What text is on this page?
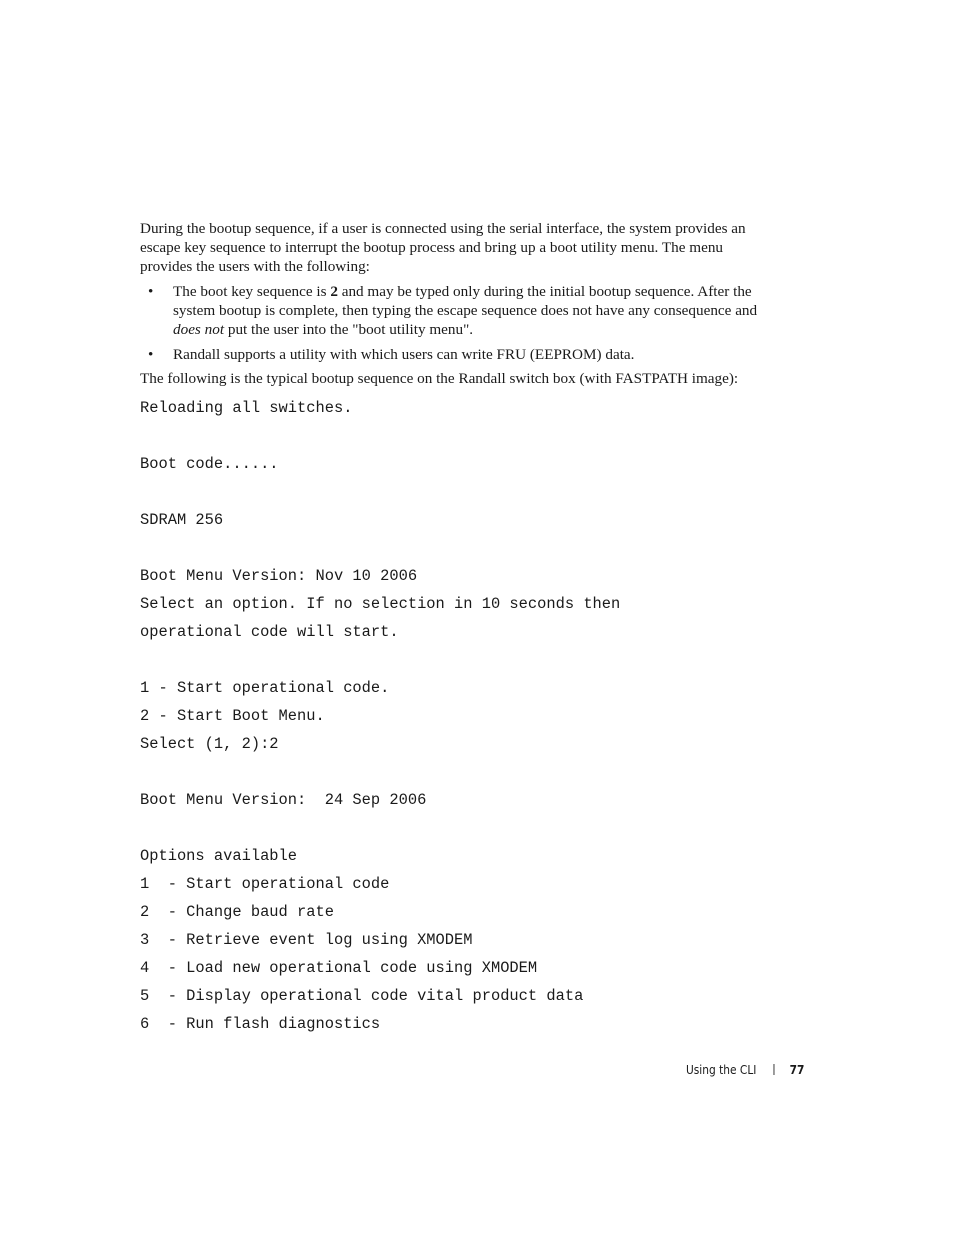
During the bootup sequence, if a user is connected using the serial interface, the system provides an escape key sequence to interrupt the bootup process and bring up a boot utility menu. The menu provides the users with the following:

• The boot key sequence is 2 and may be typed only during the initial bootup sequence. After the system bootup is complete, then typing the escape sequence does not have any consequence and does not put the user into the "boot utility menu".
• Randall supports a utility with which users can write FRU (EEPROM) data.

The following is the typical bootup sequence on the Randall switch box (with FASTPATH image):

Reloading all switches.
Boot code......
SDRAM 256
Boot Menu Version: Nov 10 2006
Select an option. If no selection in 10 seconds then
operational code will start.
1 - Start operational code.
2 - Start Boot Menu.
Select (1, 2):2
Boot Menu Version:  24 Sep 2006
Options available
1  - Start operational code
2  - Change baud rate
3  - Retrieve event log using XMODEM
4  - Load new operational code using XMODEM
5  - Display operational code vital product data
6  - Run flash diagnostics
Using the CLI	77
